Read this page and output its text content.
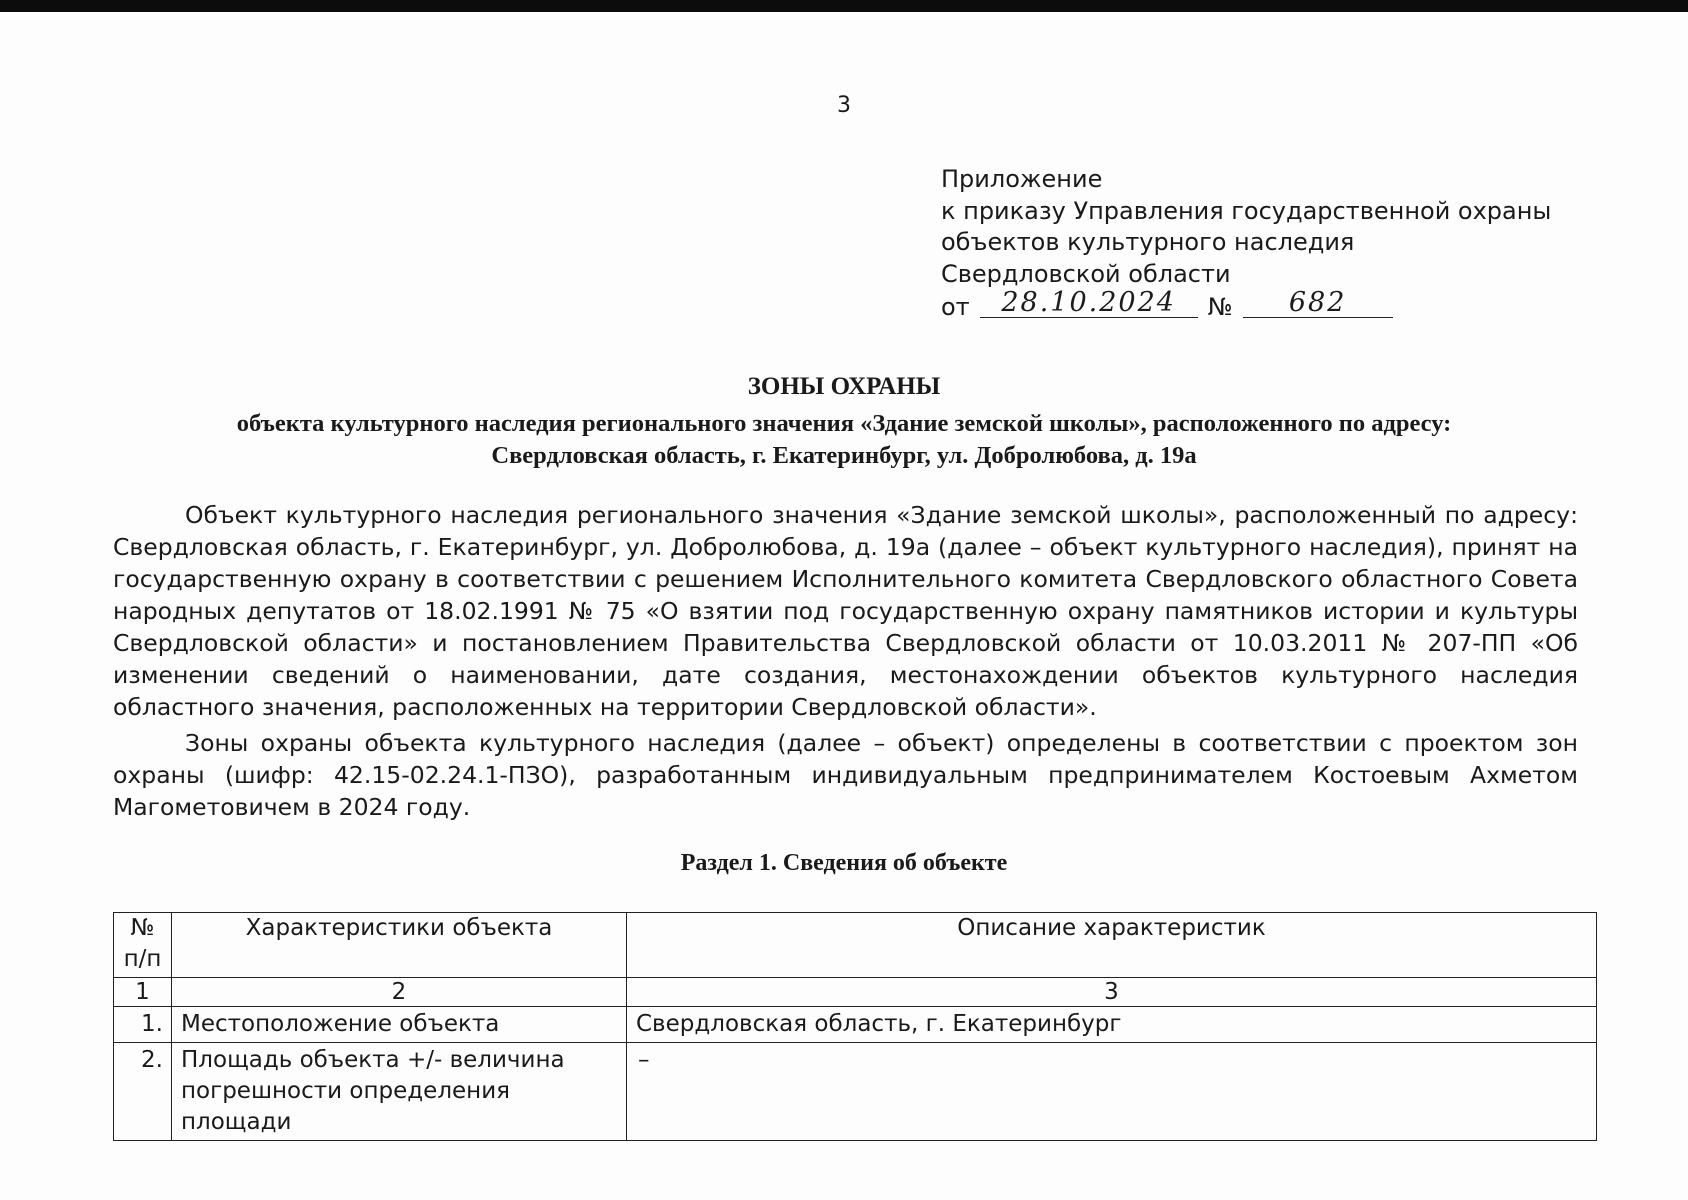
3
Приложение
к приказу Управления государственной охраны
объектов культурного наследия
Свердловской области
от	28.10.2024	№	682
ЗОНЫ ОХРАНЫ
объекта культурного наследия регионального значения «Здание земской школы», расположенного по адресу:
Свердловская область, г. Екатеринбург, ул. Добролюбова, д. 19а
Объект культурного наследия регионального значения «Здание земской школы», расположенный по адресу: Свердловская область, г. Екатеринбург, ул. Добролюбова, д. 19а (далее – объект культурного наследия), принят на государственную охрану в соответствии с решением Исполнительного комитета Свердловского областного Совета народных депутатов от 18.02.1991 № 75 «О взятии под государственную охрану памятников истории и культуры Свердловской области» и постановлением Правительства Свердловской области от 10.03.2011 № 207-ПП «Об изменении сведений о наименовании, дате создания, местонахождении объектов культурного наследия областного значения, расположенных на территории Свердловской области».
Зоны охраны объекта культурного наследия (далее – объект) определены в соответствии с проектом зон охраны (шифр: 42.15-02.24.1-ПЗО), разработанным индивидуальным предпринимателем Костоевым Ахметом Магометовичем в 2024 году.
Раздел 1. Сведения об объекте
№ п/п	Характеристики объекта	Описание характеристик
1	2	3
1.	Местоположение объекта	Свердловская область, г. Екатеринбург
2.	Площадь объекта +/- величина погрешности определения площади	–
